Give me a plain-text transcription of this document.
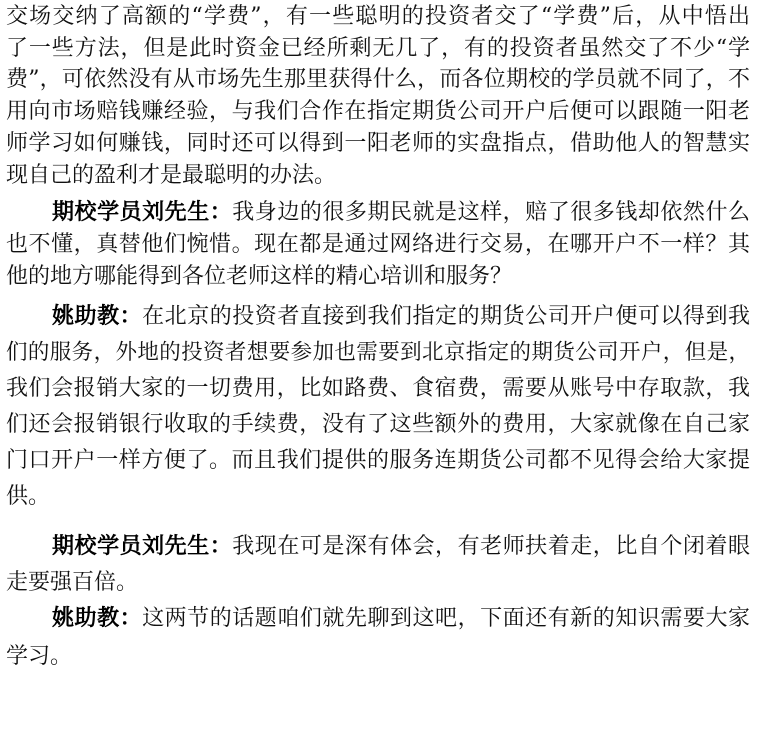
交场交纳了高额的“学费”，有一些聪明的投资者交了“学费”后，从中悟出
了一些方法，但是此时资金已经所剩无几了，有的投资者虽然交了不少“学
费”，可依然没有从市场先生那里获得什么，而各位期校的学员就不同了，不
用向市场赔钱赚经验，与我们合作在指定期货公司开户后便可以跟随一阳老
师学习如何赚钱，同时还可以得到一阳老师的实盘指点，借助他人的智慧实
现自己的盈利才是最聪明的办法。
期校学员刘先生：我身边的很多期民就是这样，赔了很多钱却依然什么
也不懂，真替他们惋惜。现在都是通过网络进行交易，在哪开户不一样？其
他的地方哪能得到各位老师这样的精心培训和服务？
姚助教：在北京的投资者直接到我们指定的期货公司开户便可以得到我
们的服务，外地的投资者想要参加也需要到北京指定的期货公司开户，但是，
我们会报销大家的一切费用，比如路费、食宿费，需要从账号中存取款，我
们还会报销银行收取的手续费，没有了这些额外的费用，大家就像在自己家
门口开户一样方便了。而且我们提供的服务连期货公司都不见得会给大家提
供。
期校学员刘先生：我现在可是深有体会，有老师扶着走，比自个闭着眼
走要强百倍。
姚助教：这两节的话题咱们就先聊到这吧，下面还有新的知识需要大家
学习。
